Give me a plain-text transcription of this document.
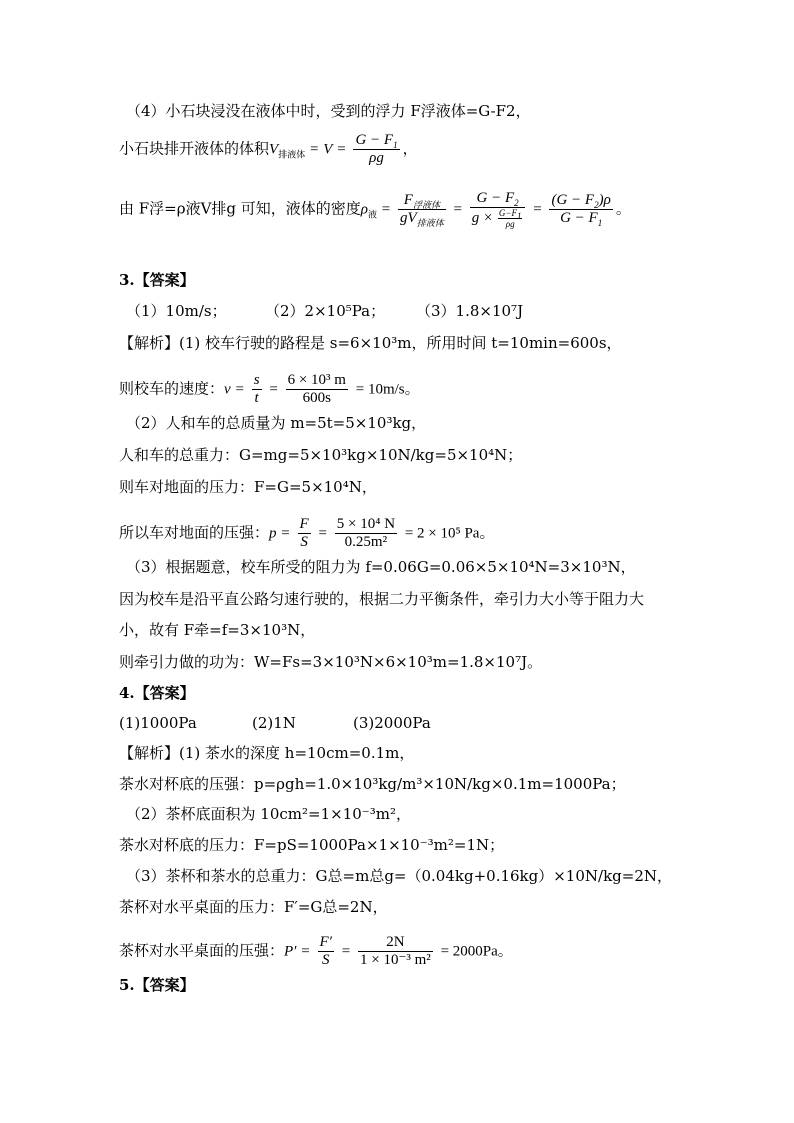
（4）小石块浸没在液体中时，受到的浮力 F浮液体=G-F2，
小石块排开液体的体积$V_{排液体} = V = \frac{G - F_1}{\rho g}$ ，
由 F浮=ρ液V排g 可知，液体的密度$\rho_液 = \frac{F_{浮液体}}{gV_{排液体}} = \frac{G - F_2}{g \times \frac{G-F_1}{\rho g}} = \frac{(G - F_2)\rho}{G - F_1}$ 。
3.【答案】
（1）10m/s；	（2）2×10⁵Pa； （3）1.8×10⁷J
【解析】(1) 校车行驶的路程是 s=6×10³m，所用时间 t=10min=600s，
则校车的速度：$v = \frac{s}{t} = \frac{\text{6 × 10³ m}}{600s} = 10m/s$。
（2）人和车的总质量为 m=5t=5×10³kg，
人和车的总重力：G=mg=5×10³kg×10N/kg=5×10⁴N；
则车对地面的压力：F=G=5×10⁴N，
所以车对地面的压强：$p = \frac{F}{S} = \frac{\text{5 × 10⁴ N}}{\text{0.25m²}} = 2 \times 10^5$ Pa。
（3）根据题意，校车所受的阻力为 f=0.06G=0.06×5×10⁴N=3×10³N，
因为校车是沿平直公路匀速行驶的，根据二力平衡条件，牵引力大小等于阻力大
小，故有 F牵=f=3×10³N，
则牵引力做的功为：W=Fs=3×10³N×6×10³m=1.8×10⁷J。
4.【答案】
(1)1000Pa	(2)1N	(3)2000Pa
【解析】(1) 茶水的深度 h=10cm=0.1m，
茶水对杯底的压强：p=ρgh=1.0×10³kg/m³×10N/kg×0.1m=1000Pa；
（2）茶杯底面积为 10cm²=1×10⁻³m²，
茶水对杯底的压力：F=pS=1000Pa×1×10⁻³m²=1N；
（3）茶杯和茶水的总重力：G总=m总g=（0.04kg+0.16kg）×10N/kg=2N，
茶杯对水平桌面的压力：F′=G总=2N，
茶杯对水平桌面的压强：$P' = \frac{F'}{S} = \frac{2N}{\text{1 × 10⁻³ m²}} = 2000Pa$。
5.【答案】
